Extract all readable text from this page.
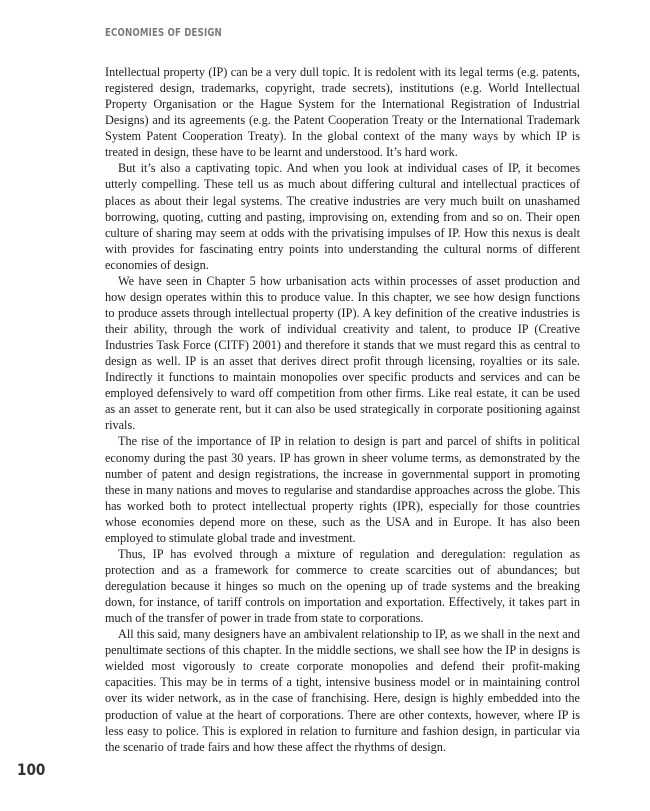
ECONOMIES OF DESIGN

Intellectual property (IP) can be a very dull topic. It is redolent with its legal terms (e.g. patents, registered design, trademarks, copyright, trade secrets), institutions (e.g. World Intellectual Property Organisation or the Hague System for the International Registration of Industrial Designs) and its agreements (e.g. the Patent Cooperation Treaty or the International Trademark System Patent Cooperation Treaty). In the global context of the many ways by which IP is treated in design, these have to be learnt and understood. It’s hard work.

But it’s also a captivating topic. And when you look at individual cases of IP, it becomes utterly compelling. These tell us as much about differing cultural and intellectual practices of places as about their legal systems. The creative industries are very much built on unashamed borrowing, quoting, cutting and pasting, improvising on, extending from and so on. Their open culture of sharing may seem at odds with the privatising impulses of IP. How this nexus is dealt with provides for fascinating entry points into understanding the cultural norms of different economies of design.

We have seen in Chapter 5 how urbanisation acts within processes of asset production and how design operates within this to produce value. In this chapter, we see how design functions to produce assets through intellectual property (IP). A key definition of the creative industries is their ability, through the work of individual creativity and talent, to produce IP (Creative Industries Task Force (CITF) 2001) and therefore it stands that we must regard this as central to design as well. IP is an asset that derives direct profit through licensing, royalties or its sale. Indirectly it functions to maintain monopolies over specific products and services and can be employed defensively to ward off competition from other firms. Like real estate, it can be used as an asset to generate rent, but it can also be used strategically in corporate positioning against rivals.

The rise of the importance of IP in relation to design is part and parcel of shifts in political economy during the past 30 years. IP has grown in sheer volume terms, as demonstrated by the number of patent and design registrations, the increase in governmental support in promoting these in many nations and moves to regularise and standardise approaches across the globe. This has worked both to protect intellectual property rights (IPR), especially for those countries whose economies depend more on these, such as the USA and in Europe. It has also been employed to stimulate global trade and investment.

Thus, IP has evolved through a mixture of regulation and deregulation: regulation as protection and as a framework for commerce to create scarcities out of abundances; but deregulation because it hinges so much on the opening up of trade systems and the breaking down, for instance, of tariff controls on importation and exportation. Effectively, it takes part in much of the transfer of power in trade from state to corporations.

All this said, many designers have an ambivalent relationship to IP, as we shall in the next and penultimate sections of this chapter. In the middle sections, we shall see how the IP in designs is wielded most vigorously to create corporate monopolies and defend their profit-making capacities. This may be in terms of a tight, intensive business model or in maintaining control over its wider network, as in the case of franchising. Here, design is highly embedded into the production of value at the heart of corporations. There are other contexts, however, where IP is less easy to police. This is explored in relation to furniture and fashion design, in particular via the scenario of trade fairs and how these affect the rhythms of design.

100
